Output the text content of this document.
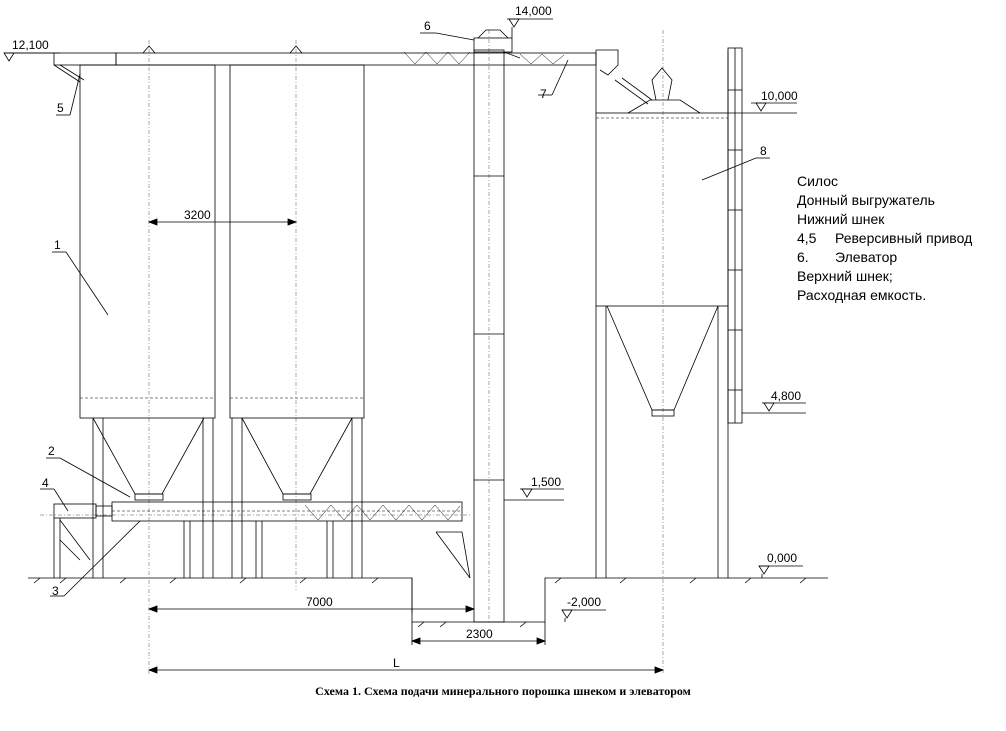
12,100
14,000
10,000
4,800
1,500
0,000
-2,000
3200
7000
2300
L
1
2
3
4
5
6
7
8
Силос
Донный выгружатель
Нижний шнек
4,5 Реверсивный привод
6. Элеватор
Верхний шнек;
Расходная емкость.
Схема 1. Схема подачи минерального порошка шнеком и элеватором
